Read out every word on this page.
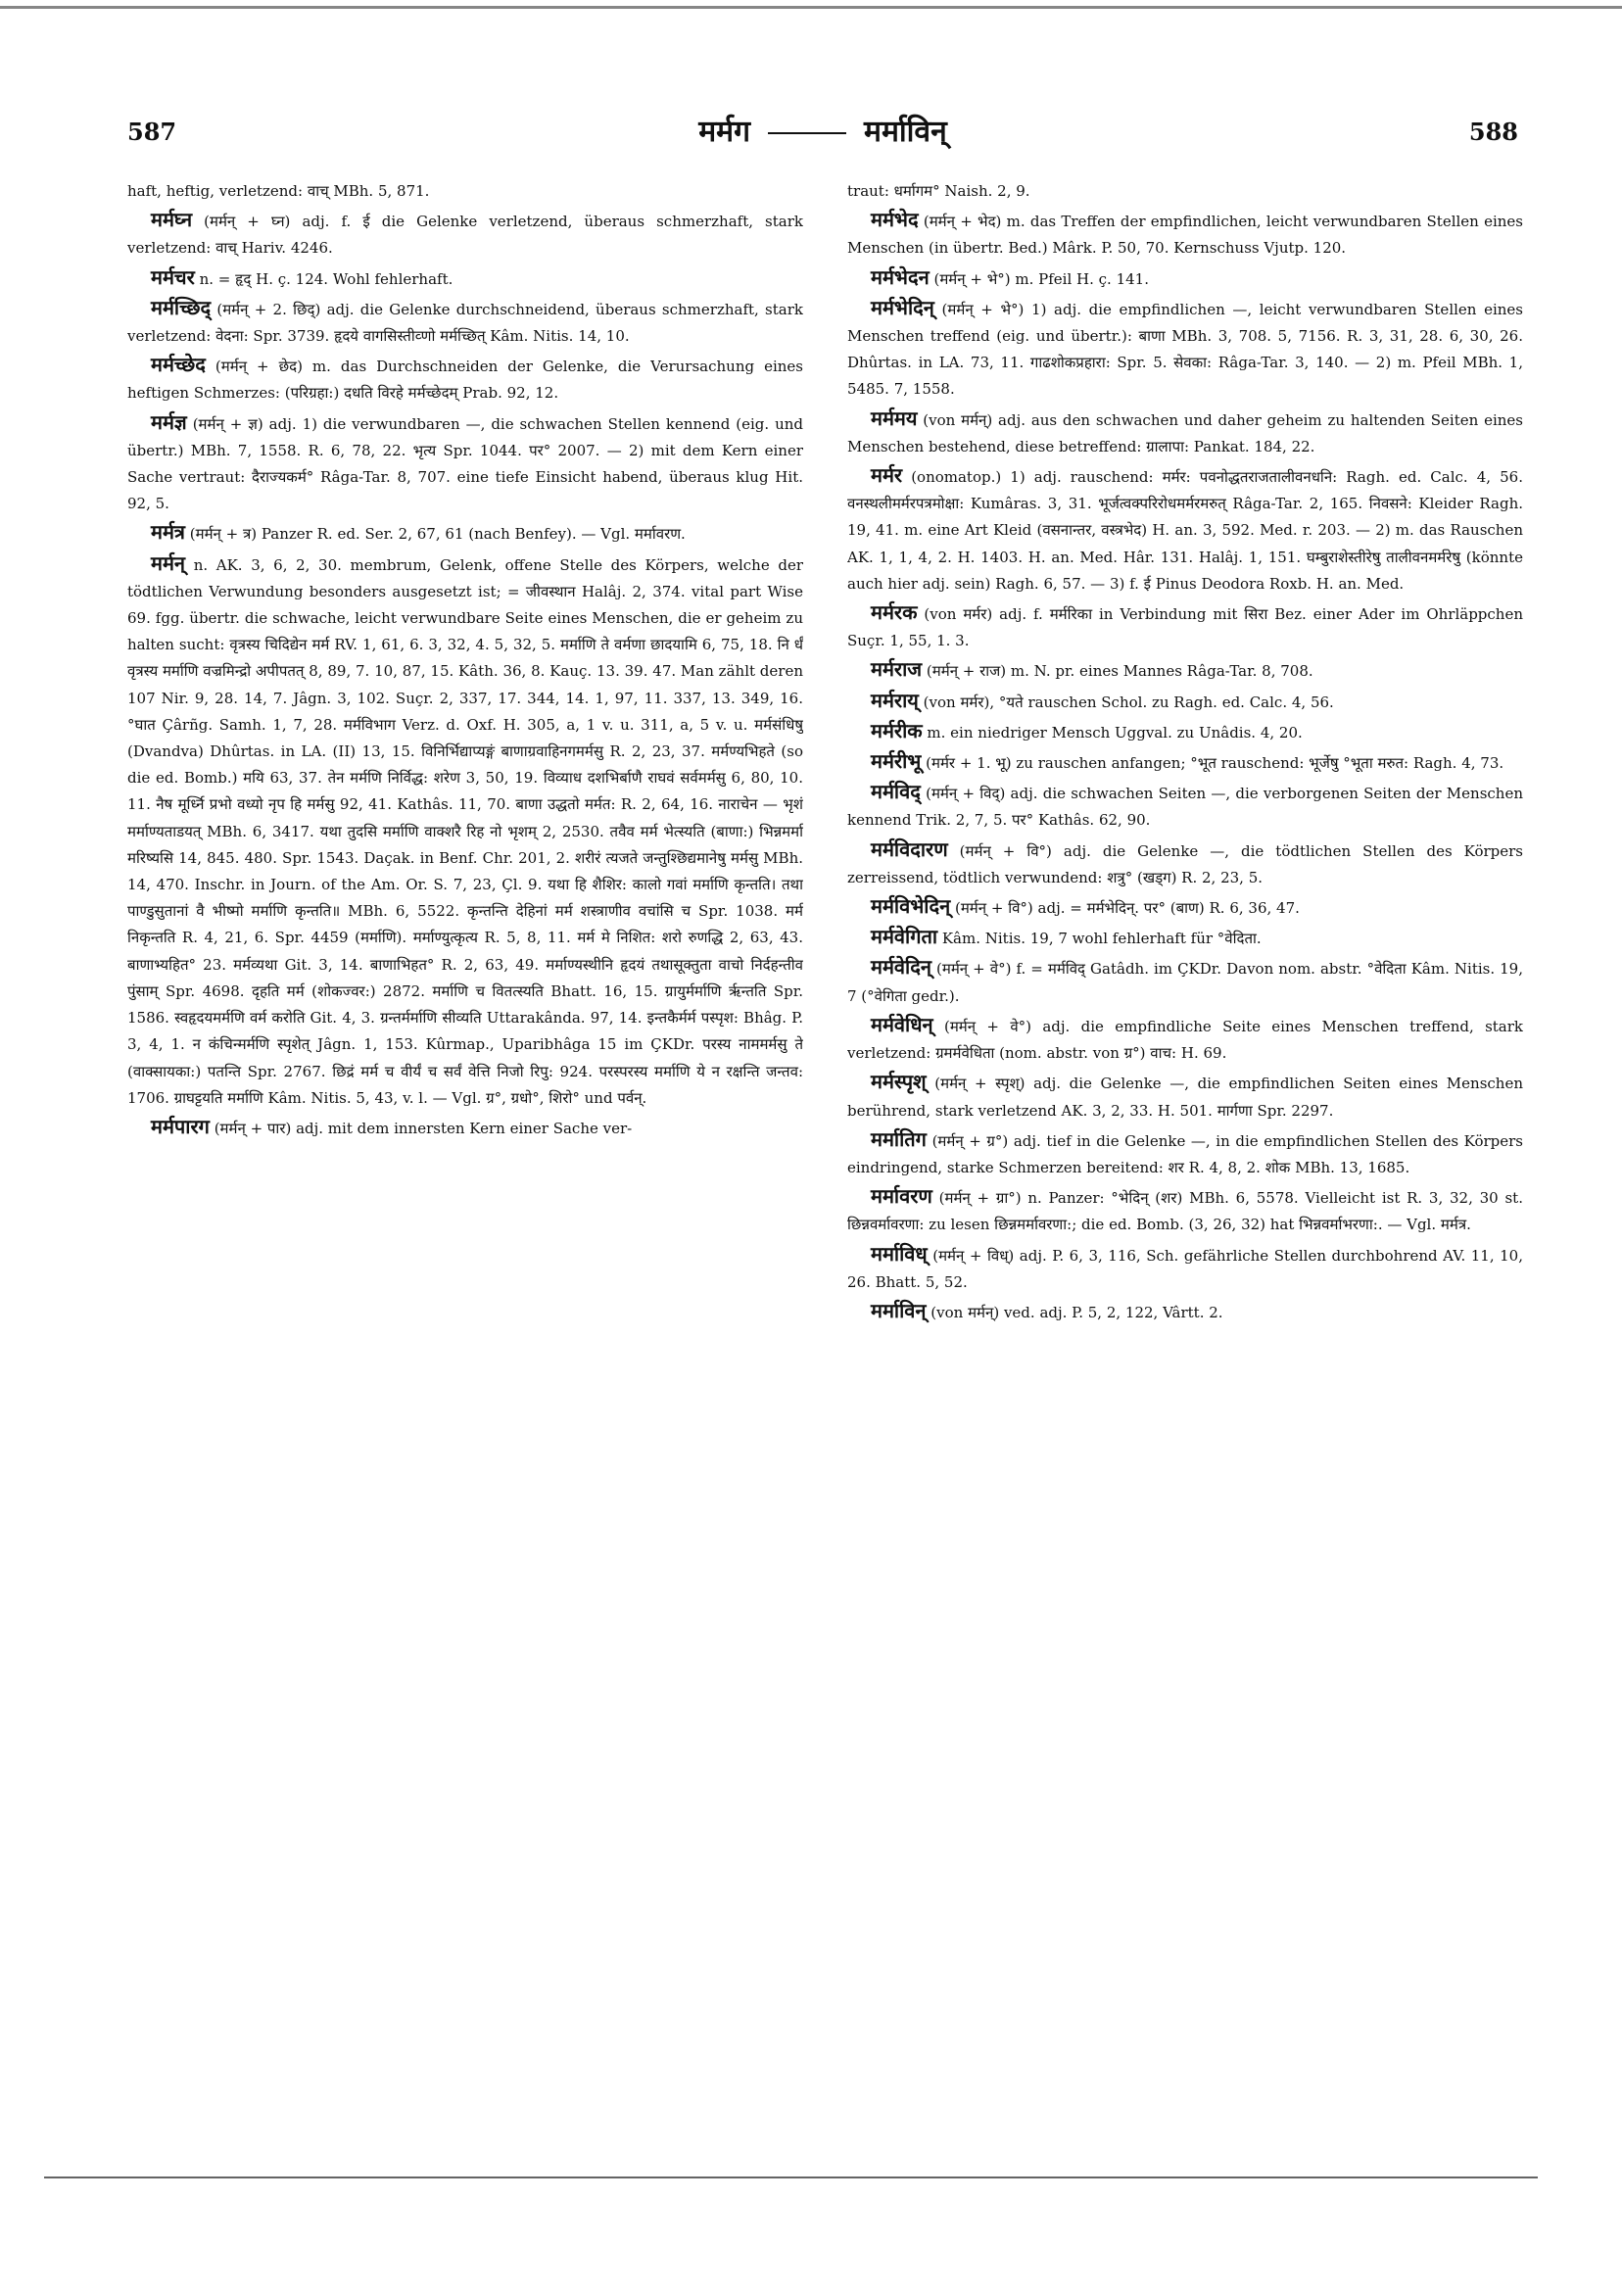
587	मर्मग	मर्माविन्	588

haft, heftig, verletzend: वाच् MBh. 5, 871.

मर्मघ्न (मर्मन् + घ्न) adj. f. ई die Gelenke verletzend, überaus schmerzhaft, stark verletzend: वाच् Hariv. 4246.

मर्मचर n. = हृद् H. ç. 124. Wohl fehlerhaft.

मर्मच्छिद् (मर्मन् + 2. छिद्) adj. die Gelenke durchschneidend, überaus schmerzhaft, stark verletzend: वेदना: Spr. 3739. हृदये वागसिस्तीव्णो मर्मच्छित् Kâm. Nitis. 14, 10.

मर्मच्छेद (मर्मन् + छेद) m. das Durchschneiden der Gelenke, die Verursachung eines heftigen Schmerzes: (परिग्रहा:) दधति विरहे मर्मच्छेदम् Prab. 92, 12.

मर्मज्ञ (मर्मन् + ज्ञ) adj. 1) die verwundbaren —, die schwachen Stellen kennend (eig. und übertr.) MBh. 7, 1558. R. 6, 78, 22. भृत्य Spr. 1044. पर° 2007. — 2) mit dem Kern einer Sache vertraut: दैराज्यकर्म° Râga-Tar. 8, 707. eine tiefe Einsicht habend, überaus klug Hit. 92, 5.

मर्मत्र (मर्मन् + त्र) Panzer R. ed. Ser. 2, 67, 61 (nach Benfey). — Vgl. मर्मावरण.

मर्मन् n. AK. 3, 6, 2, 30. membrum, Gelenk, offene Stelle des Körpers, welche der tödtlichen Verwundung besonders ausgesetzt ist; = जीवस्थान Halâj. 2, 374. vital part Wise 69. fgg. übertr. die schwache, leicht verwundbare Seite eines Menschen, die er geheim zu halten sucht: वृत्रस्य चिदिद्येन मर्म RV. 1, 61, 6. 3, 32, 4. 5, 32, 5. मर्माणि ते वर्मणा छादयामि 6, 75, 18. नि र्धं वृत्रस्य मर्माणि वज्रमिन्द्रो अपीपतत् 8, 89, 7. 10, 87, 15. Kâth. 36, 8. Kauç. 13. 39. 47. Man zählt deren 107 Nir. 9, 28. 14, 7. Jâgn. 3, 102. Suçr. 2, 337, 17. 344, 14. 1, 97, 11. 337, 13. 349, 16. °घात Çârñg. Samh. 1, 7, 28. मर्मविभाग Verz. d. Oxf. H. 305, a, 1 v. u. 311, a, 5 v. u. मर्मसंधिषु (Dvandva) Dhûrtas. in LA. (II) 13, 15. विनिर्भिद्याप्यङ्गं बाणाग्रवाहिनगमर्मसु R. 2, 23, 37. मर्मण्यभिहते (so die ed. Bomb.) मयि 63, 37. तेन मर्मणि निर्विद्ध: शरेण 3, 50, 19. विव्याध दशभिर्बाणै राघवं सर्वमर्मसु 6, 80, 10. 11. नैष मूर्ध्नि प्रभो वध्यो नृप हि मर्मसु 92, 41. Kathâs. 11, 70. बाणा उद्धतो मर्मत: R. 2, 64, 16. नाराचेन — भृशं मर्माण्यताडयत् MBh. 6, 3417. यथा तुदसि मर्माणि वाक्शरै रिह नो भृशम् 2, 2530. तवैव मर्म भेत्स्यति (बाणा:) भिन्नमर्मा मरिष्यसि 14, 845. 480. Spr. 1543. Daçak. in Benf. Chr. 201, 2. शरीरं त्यजते जन्तुश्छिद्यमानेषु मर्मसु MBh. 14, 470. Inschr. in Journ. of the Am. Or. S. 7, 23, Çl. 9. यथा हि शैशिर: कालो गवां मर्माणि कृन्तति। तथा पाण्डुसुतानां वै भीष्मो मर्माणि कृन्तति॥ MBh. 6, 5522. कृन्तन्ति देहिनां मर्म शस्त्राणीव वचांसि च Spr. 1038. मर्म निकृन्तति R. 4, 21, 6. Spr. 4459 (मर्माणि). मर्माण्युत्कृत्य R. 5, 8, 11. मर्म मे निशित: शरो रुणद्धि 2, 63, 43. बाणाभ्यहित° 23. मर्मव्यथा Git. 3, 14. बाणाभिहत° R. 2, 63, 49. मर्माण्यस्थीनि हृदयं तथासूक्तुता वाचो निर्दहन्तीव पुंसाम् Spr. 4698. दृहति मर्म (शोकज्वर:) 2872. मर्माणि च वितत्स्यति Bhatt. 16, 15. ग्रायुर्मर्माणि रृन्तति Spr. 1586. स्वहृदयमर्मणि वर्म करोति Git. 4, 3. ग्रन्तर्मर्माणि सीव्यति Uttarakânda. 97, 14. इन्तकैर्मर्म पस्पृश: Bhâg. P. 3, 4, 1. न कंचिन्मर्मणि स्पृशेत् Jâgn. 1, 153. Kûrmap., Uparibhâga 15 im ÇKDr. परस्य नाममर्मसु ते (वाक्सायका:) पतन्ति Spr. 2767. छिद्रं मर्म च वीर्यं च सर्वं वेत्ति निजो रिपु: 924. परस्परस्य मर्माणि ये न रक्षन्ति जन्तव: 1706. ग्राघट्टयति मर्माणि Kâm. Nitis. 5, 43, v. l. — Vgl. ग्र°, ग्रधो°, शिरो° und पर्वन्.

मर्मपारग (मर्मन् + पार) adj. mit dem innersten Kern einer Sache ver-

traut: धर्मागम° Naish. 2, 9.

मर्मभेद (मर्मन् + भेद) m. das Treffen der empfindlichen, leicht verwundbaren Stellen eines Menschen (in übertr. Bed.) Mârk. P. 50, 70. Kernschuss Vjutp. 120.

मर्मभेदन (मर्मन् + भे°) m. Pfeil H. ç. 141.

मर्मभेदिन् (मर्मन् + भे°) 1) adj. die empfindlichen —, leicht verwundbaren Stellen eines Menschen treffend (eig. und übertr.): बाणा MBh. 3, 708. 5, 7156. R. 3, 31, 28. 6, 30, 26. Dhûrtas. in LA. 73, 11. गाढशोकप्रहारा: Spr. 5. सेवका: Râga-Tar. 3, 140. — 2) m. Pfeil MBh. 1, 5485. 7, 1558.

मर्ममय (von मर्मन्) adj. aus den schwachen und daher geheim zu haltenden Seiten eines Menschen bestehend, diese betreffend: ग्रालापा: Pankat. 184, 22.

मर्मर (onomatop.) 1) adj. rauschend: मर्मर: पवनोद्धतराजतालीवनधनि: Ragh. ed. Calc. 4, 56. वनस्थलीमर्मरपत्रमोक्षा: Kumâras. 3, 31. भूर्जत्वक्परिरोधमर्मरमरुत् Râga-Tar. 2, 165. निवसने: Kleider Ragh. 19, 41. m. eine Art Kleid (वसनान्तर, वस्त्रभेद) H. an. 3, 592. Med. r. 203. — 2) m. das Rauschen AK. 1, 1, 4, 2. H. 1403. H. an. Med. Hâr. 131. Halâj. 1, 151. घम्बुराशेस्तीरेषु तालीवनमर्मरेषु (könnte auch hier adj. sein) Ragh. 6, 57. — 3) f. ई Pinus Deodora Roxb. H. an. Med.

मर्मरक (von मर्मर) adj. f. मर्मरिका in Verbindung mit सिरा Bez. einer Ader im Ohrläppchen Suçr. 1, 55, 1. 3.

मर्मराज (मर्मन् + राज) m. N. pr. eines Mannes Râga-Tar. 8, 708.

मर्मराय् (von मर्मर), °यते rauschen Schol. zu Ragh. ed. Calc. 4, 56.

मर्मरीक m. ein niedriger Mensch Uggval. zu Unâdis. 4, 20.

मर्मरीभू (मर्मर + 1. भू) zu rauschen anfangen; °भूत rauschend: भूर्जेषु °भूता मरुत: Ragh. 4, 73.

मर्मविद् (मर्मन् + विद्) adj. die schwachen Seiten —, die verborgenen Seiten der Menschen kennend Trik. 2, 7, 5. पर° Kathâs. 62, 90.

मर्मविदारण (मर्मन् + वि°) adj. die Gelenke —, die tödtlichen Stellen des Körpers zerreissend, tödtlich verwundend: शत्रु° (खड्ग) R. 2, 23, 5.

मर्मविभेदिन् (मर्मन् + वि°) adj. = मर्मभेदिन्. पर° (बाण) R. 6, 36, 47.

मर्मवेगिता Kâm. Nitis. 19, 7 wohl fehlerhaft für °वेदिता.

मर्मवेदिन् (मर्मन् + वे°) f. = मर्मविद् Gatâdh. im ÇKDr. Davon nom. abstr. °वेदिता Kâm. Nitis. 19, 7 (°वेगिता gedr.).

मर्मवेधिन् (मर्मन् + वे°) adj. die empfindliche Seite eines Menschen treffend, stark verletzend: ग्रमर्मवेधिता (nom. abstr. von ग्र°) वाच: H. 69.

मर्मस्पृश् (मर्मन् + स्पृश्) adj. die Gelenke —, die empfindlichen Seiten eines Menschen berührend, stark verletzend AK. 3, 2, 33. H. 501. मार्गणा Spr. 2297.

मर्मातिग (मर्मन् + ग्र°) adj. tief in die Gelenke —, in die empfindlichen Stellen des Körpers eindringend, starke Schmerzen bereitend: शर R. 4, 8, 2. शोक MBh. 13, 1685.

मर्मावरण (मर्मन् + ग्रा°) n. Panzer: °भेदिन् (शर) MBh. 6, 5578. Vielleicht ist R. 3, 32, 30 st. छिन्नवर्मावरणा: zu lesen छिन्नमर्मावरणा:; die ed. Bomb. (3, 26, 32) hat भिन्नवर्माभरणा:. — Vgl. मर्मत्र.

मर्माविध् (मर्मन् + विध्) adj. P. 6, 3, 116, Sch. gefährliche Stellen durchbohrend AV. 11, 10, 26. Bhatt. 5, 52.

मर्माविन् (von मर्मन्) ved. adj. P. 5, 2, 122, Vârtt. 2.
